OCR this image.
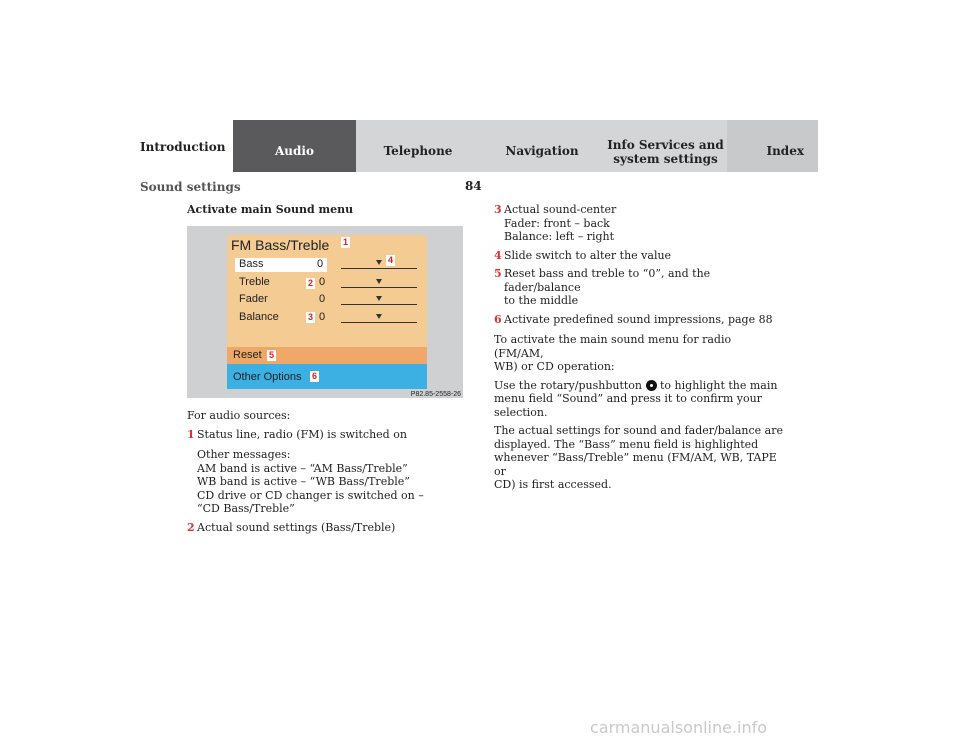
Introduction	Audio	Telephone	Navigation Info Services and
system settings
Index
Sound settings	84
Activate main Sound menu
FM Bass/Treble
Bass	0
Treble	0
Fader	0
Balance	0
Reset
Other Options
1
2
3
4
5
6
P82.85-2558-26

For audio sources:

1 Status line, radio (FM) is switched on
Other messages:
AM band is active – “AM Bass/Treble”
WB band is active – “WB Bass/Treble”
CD drive or CD changer is switched on –
“CD Bass/Treble”
2 Actual sound settings (Bass/Treble)
3 Actual sound-center
Fader: front – back
Balance: left – right
4 Slide switch to alter the value
5 Reset bass and treble to “0”, and the fader/balance
to the middle
6 Activate predefined sound impressions, page 88

To activate the main sound menu for radio (FM/AM,
WB) or CD operation:

Use the rotary/pushbutton to highlight the main
menu field “Sound” and press it to confirm your
selection.

The actual settings for sound and fader/balance are
displayed. The “Bass” menu field is highlighted
whenever “Bass/Treble” menu (FM/AM, WB, TAPE or
CD) is first accessed.

carmanualsonline.info
